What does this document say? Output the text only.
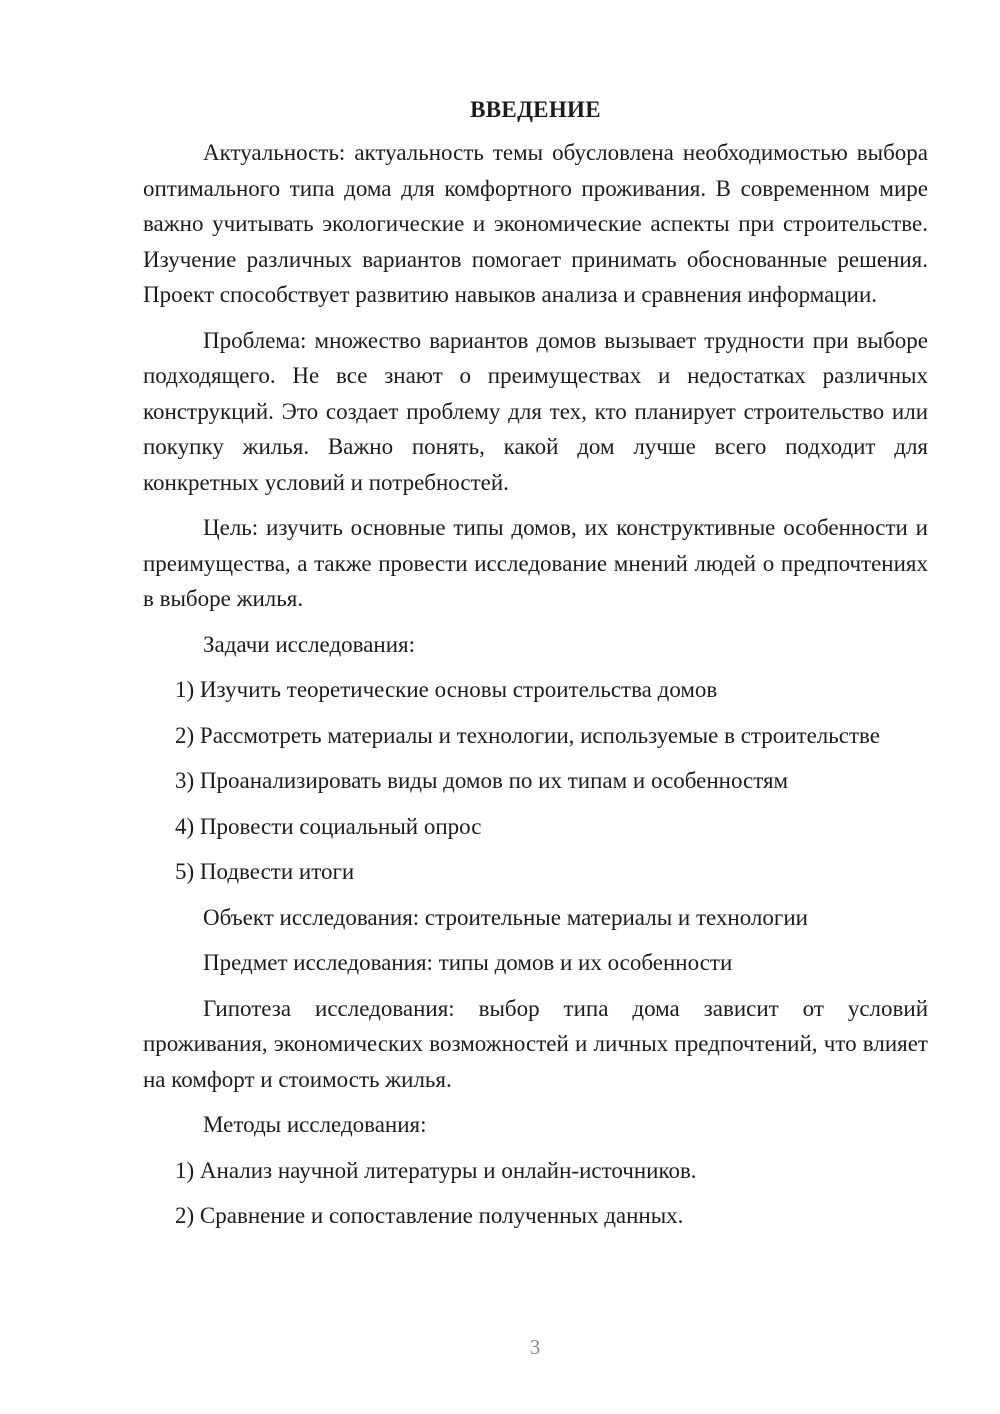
ВВЕДЕНИЕ

Актуальность: актуальность темы обусловлена необходимостью выбора оптимального типа дома для комфортного проживания. В современном мире важно учитывать экологические и экономические аспекты при строительстве. Изучение различных вариантов помогает принимать обоснованные решения. Проект способствует развитию навыков анализа и сравнения информации.

Проблема: множество вариантов домов вызывает трудности при выборе подходящего. Не все знают о преимуществах и недостатках различных конструкций. Это создает проблему для тех, кто планирует строительство или покупку жилья. Важно понять, какой дом лучше всего подходит для конкретных условий и потребностей.

Цель: изучить основные типы домов, их конструктивные особенности и преимущества, а также провести исследование мнений людей о предпочтениях в выборе жилья.

Задачи исследования:

1) Изучить теоретические основы строительства домов

2) Рассмотреть материалы и технологии, используемые в строительстве

3) Проанализировать виды домов по их типам и особенностям

4) Провести социальный опрос

5) Подвести итоги

Объект исследования: строительные материалы и технологии

Предмет исследования: типы домов и их особенности

Гипотеза исследования: выбор типа дома зависит от условий проживания, экономических возможностей и личных предпочтений, что влияет на комфорт и стоимость жилья.

Методы исследования:

1) Анализ научной литературы и онлайн-источников.

2) Сравнение и сопоставление полученных данных.

3
